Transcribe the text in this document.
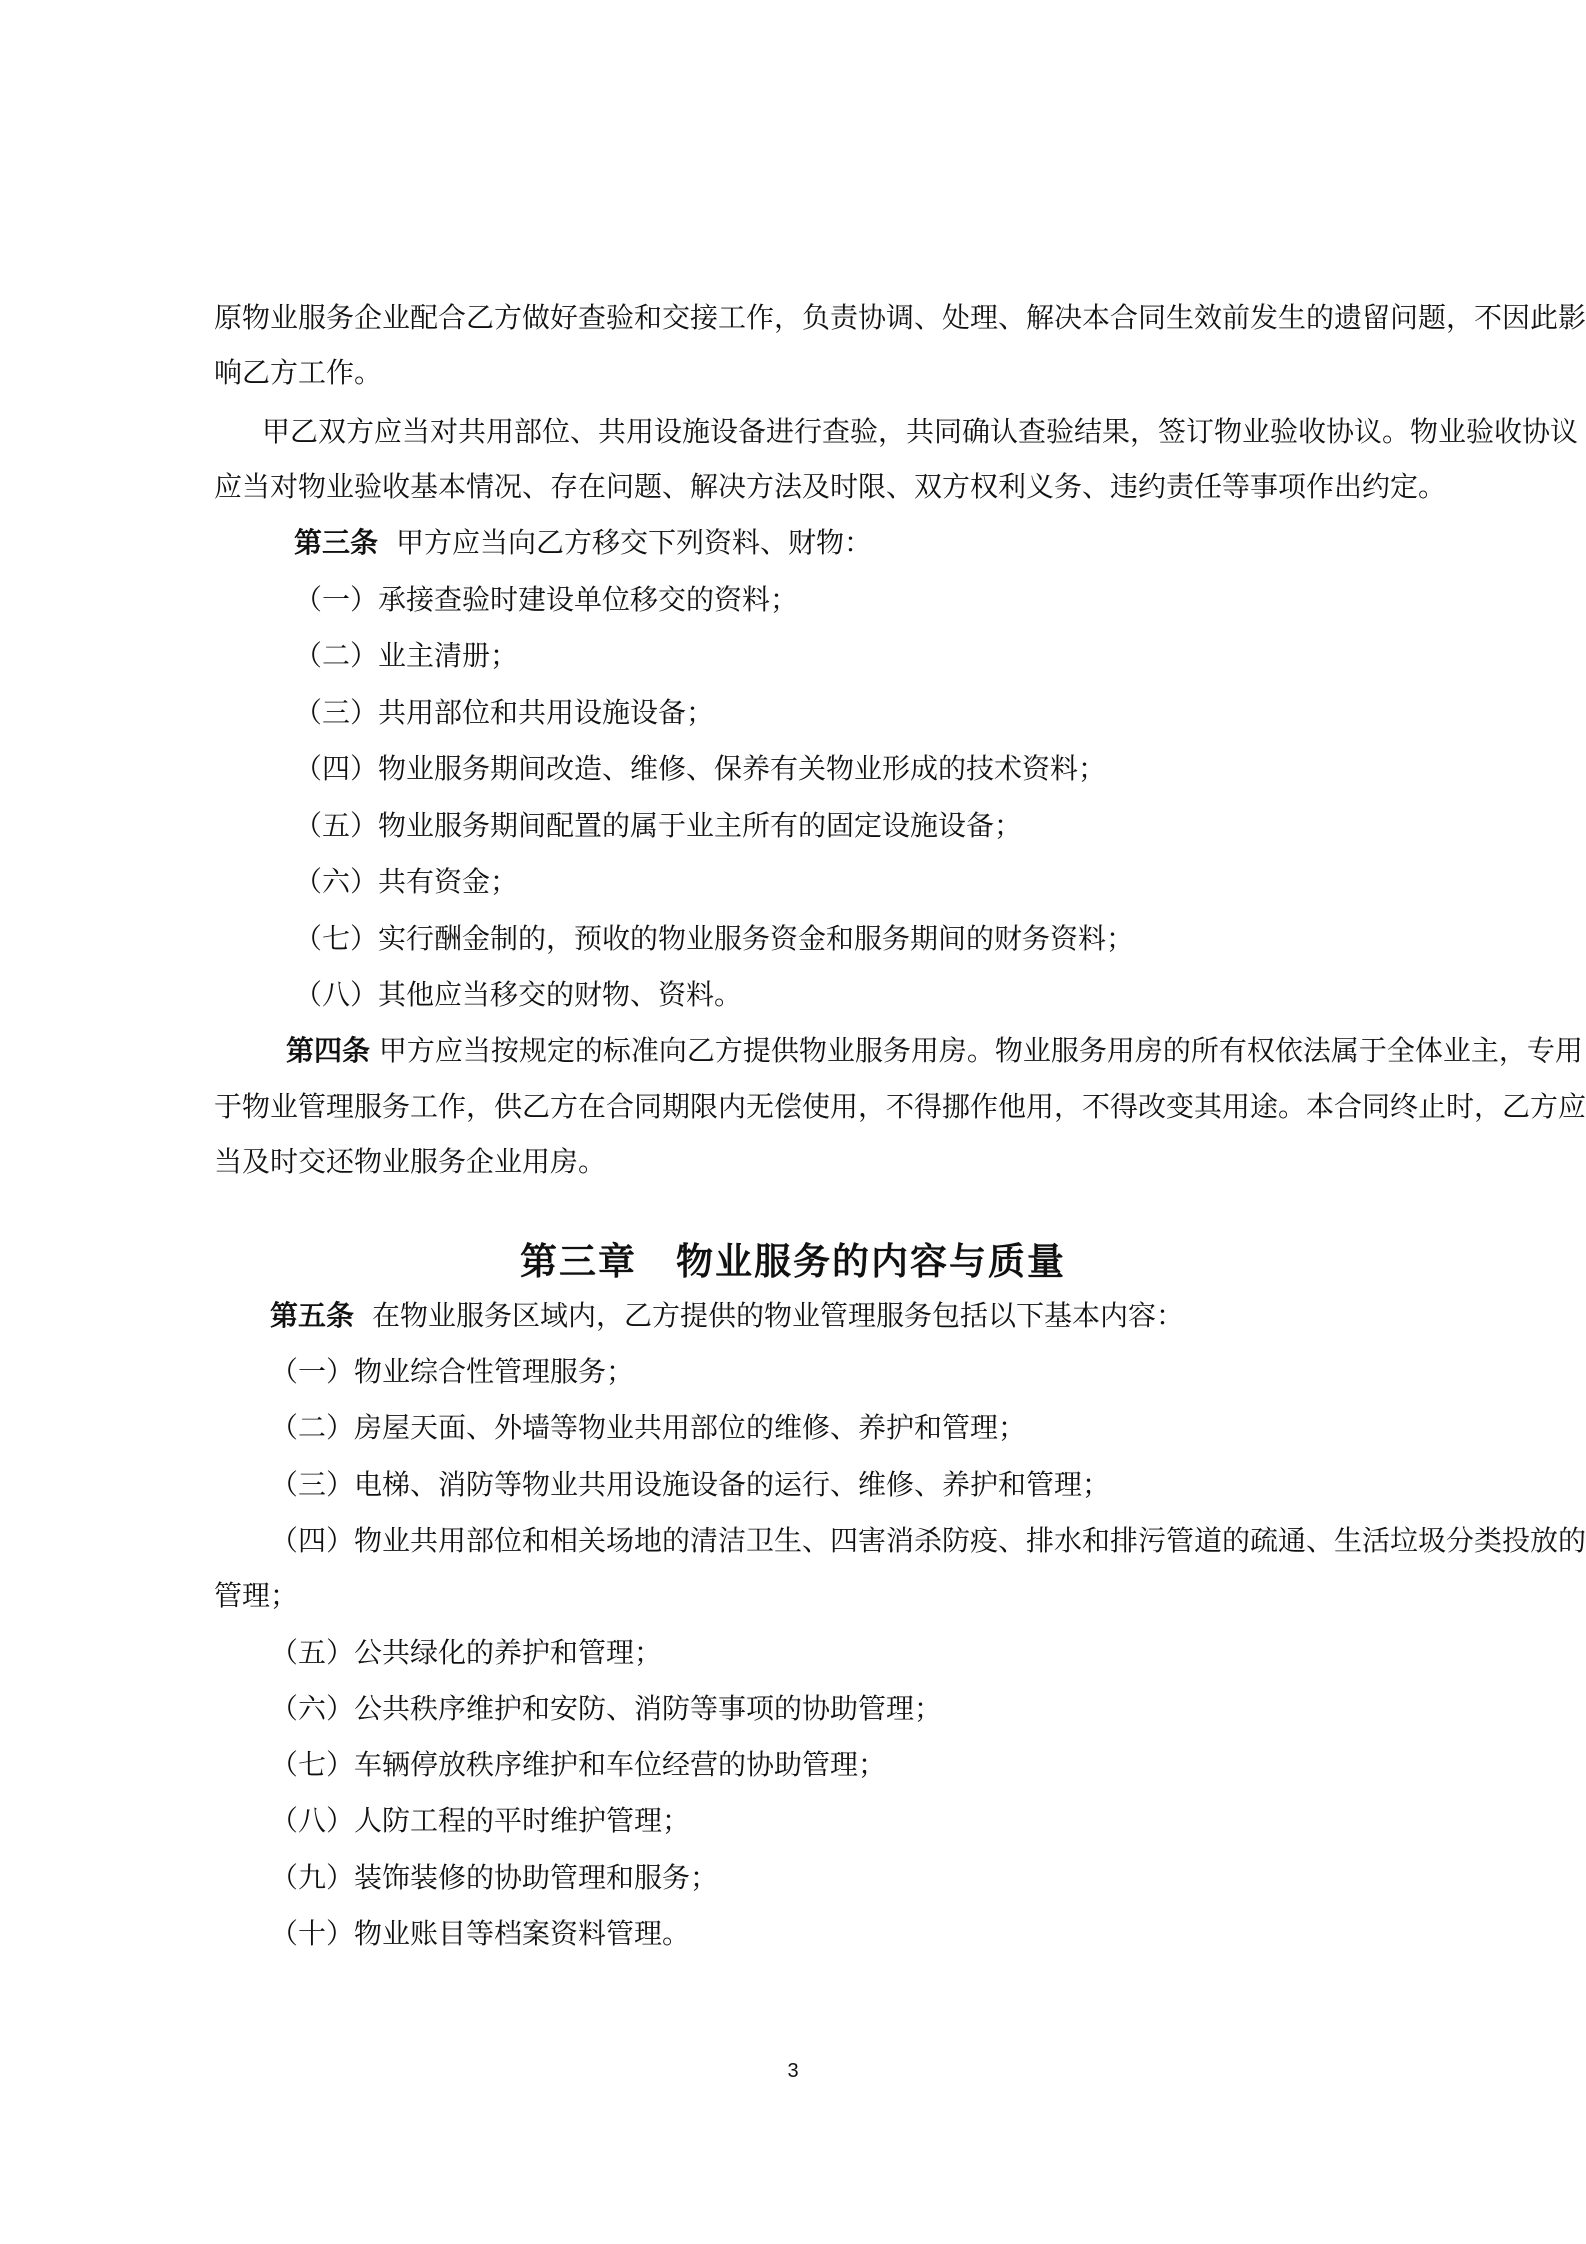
原物业服务企业配合乙方做好查验和交接工作，负责协调、处理、解决本合同生效前发生的遗留问题，不因此影
响乙方工作。
甲乙双方应当对共用部位、共用设施设备进行查验，共同确认查验结果，签订物业验收协议。物业验收协议
应当对物业验收基本情况、存在问题、解决方法及时限、双方权利义务、违约责任等事项作出约定。
第三条 甲方应当向乙方移交下列资料、财物：
（一）承接查验时建设单位移交的资料；
（二）业主清册；
（三）共用部位和共用设施设备；
（四）物业服务期间改造、维修、保养有关物业形成的技术资料；
（五）物业服务期间配置的属于业主所有的固定设施设备；
（六）共有资金；
（七）实行酬金制的，预收的物业服务资金和服务期间的财务资料；
（八）其他应当移交的财物、资料。
第四条 甲方应当按规定的标准向乙方提供物业服务用房。物业服务用房的所有权依法属于全体业主，专用
于物业管理服务工作，供乙方在合同期限内无偿使用，不得挪作他用，不得改变其用途。本合同终止时，乙方应
当及时交还物业服务企业用房。
第三章　物业服务的内容与质量
第五条 在物业服务区域内，乙方提供的物业管理服务包括以下基本内容：
（一）物业综合性管理服务；
（二）房屋天面、外墙等物业共用部位的维修、养护和管理；
（三）电梯、消防等物业共用设施设备的运行、维修、养护和管理；
（四）物业共用部位和相关场地的清洁卫生、四害消杀防疫、排水和排污管道的疏通、生活垃圾分类投放的
管理；
（五）公共绿化的养护和管理；
（六）公共秩序维护和安防、消防等事项的协助管理；
（七）车辆停放秩序维护和车位经营的协助管理；
（八）人防工程的平时维护管理；
（九）装饰装修的协助管理和服务；
（十）物业账目等档案资料管理。
3
